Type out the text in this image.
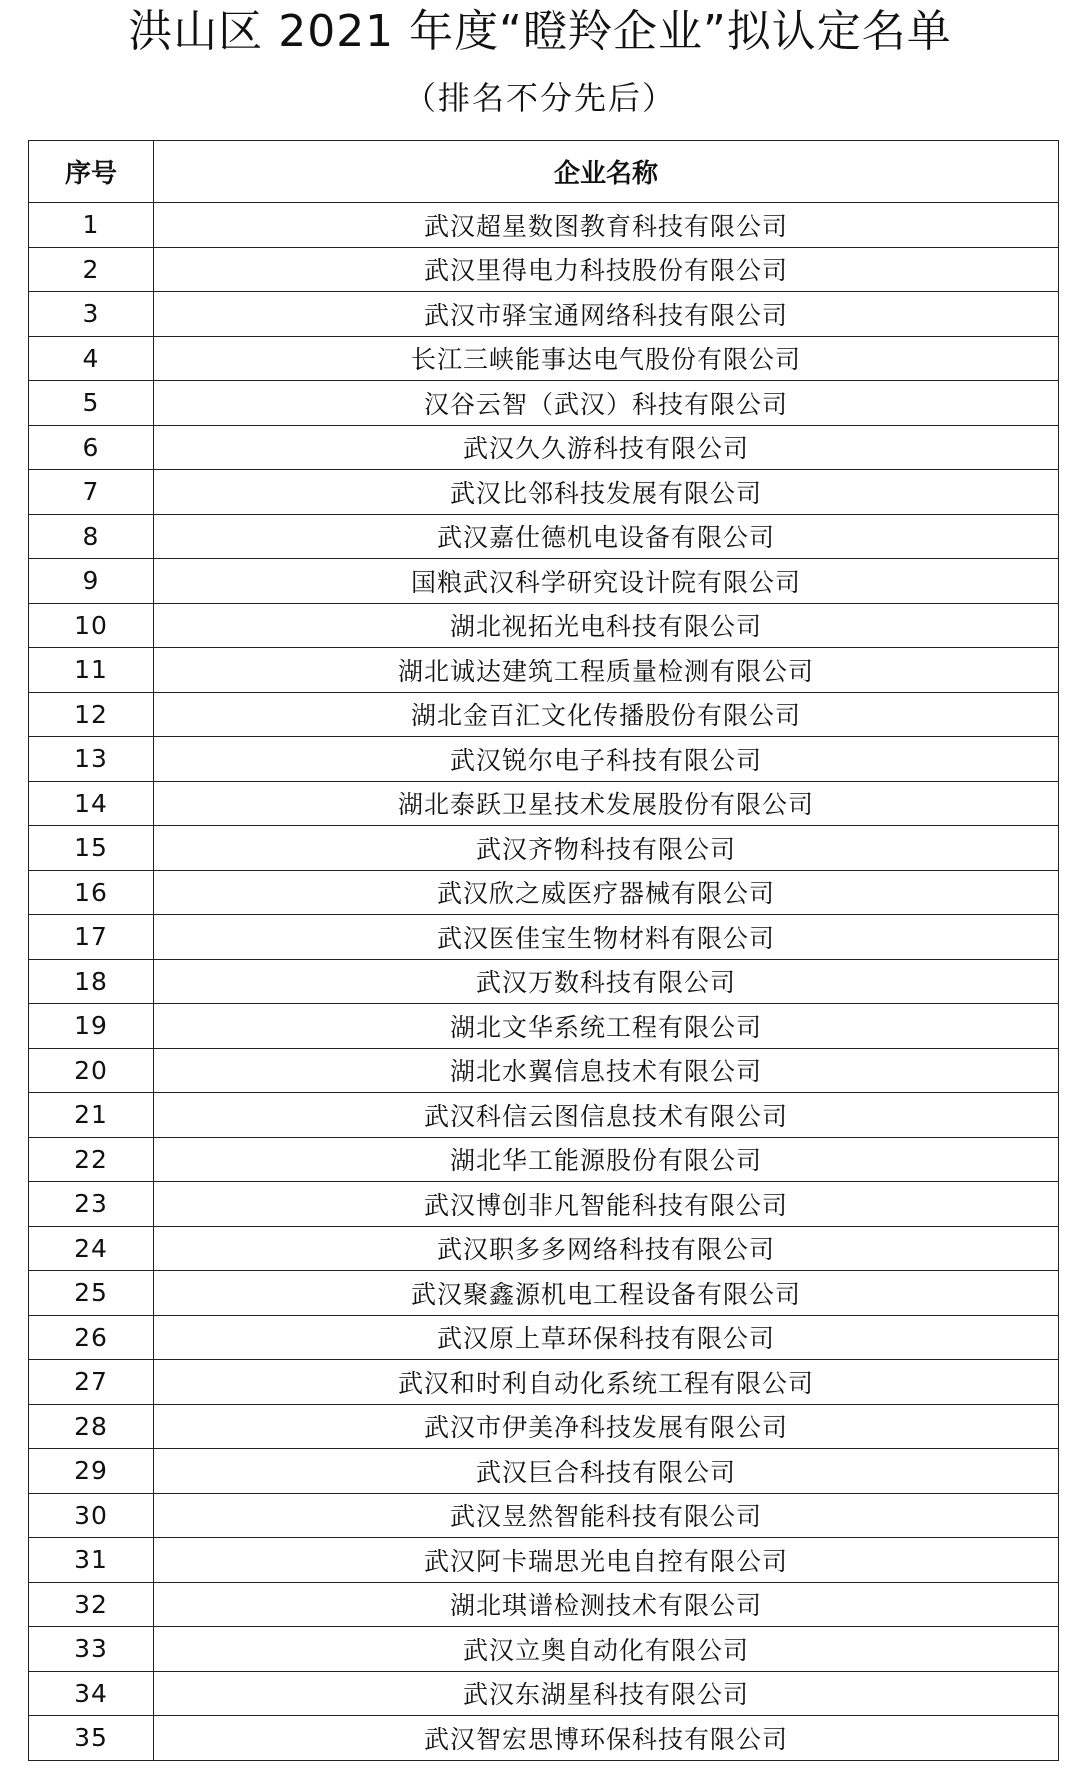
洪山区 2021 年度“瞪羚企业”拟认定名单
（排名不分先后）
序号	企业名称
1	武汉超星数图教育科技有限公司
2	武汉里得电力科技股份有限公司
3	武汉市驿宝通网络科技有限公司
4	长江三峡能事达电气股份有限公司
5	汉谷云智（武汉）科技有限公司
6	武汉久久游科技有限公司
7	武汉比邻科技发展有限公司
8	武汉嘉仕德机电设备有限公司
9	国粮武汉科学研究设计院有限公司
10	湖北视拓光电科技有限公司
11	湖北诚达建筑工程质量检测有限公司
12	湖北金百汇文化传播股份有限公司
13	武汉锐尔电子科技有限公司
14	湖北泰跃卫星技术发展股份有限公司
15	武汉齐物科技有限公司
16	武汉欣之威医疗器械有限公司
17	武汉医佳宝生物材料有限公司
18	武汉万数科技有限公司
19	湖北文华系统工程有限公司
20	湖北水翼信息技术有限公司
21	武汉科信云图信息技术有限公司
22	湖北华工能源股份有限公司
23	武汉博创非凡智能科技有限公司
24	武汉职多多网络科技有限公司
25	武汉聚鑫源机电工程设备有限公司
26	武汉原上草环保科技有限公司
27	武汉和时利自动化系统工程有限公司
28	武汉市伊美净科技发展有限公司
29	武汉巨合科技有限公司
30	武汉昱然智能科技有限公司
31	武汉阿卡瑞思光电自控有限公司
32	湖北琪谱检测技术有限公司
33	武汉立奥自动化有限公司
34	武汉东湖星科技有限公司
35	武汉智宏思博环保科技有限公司
